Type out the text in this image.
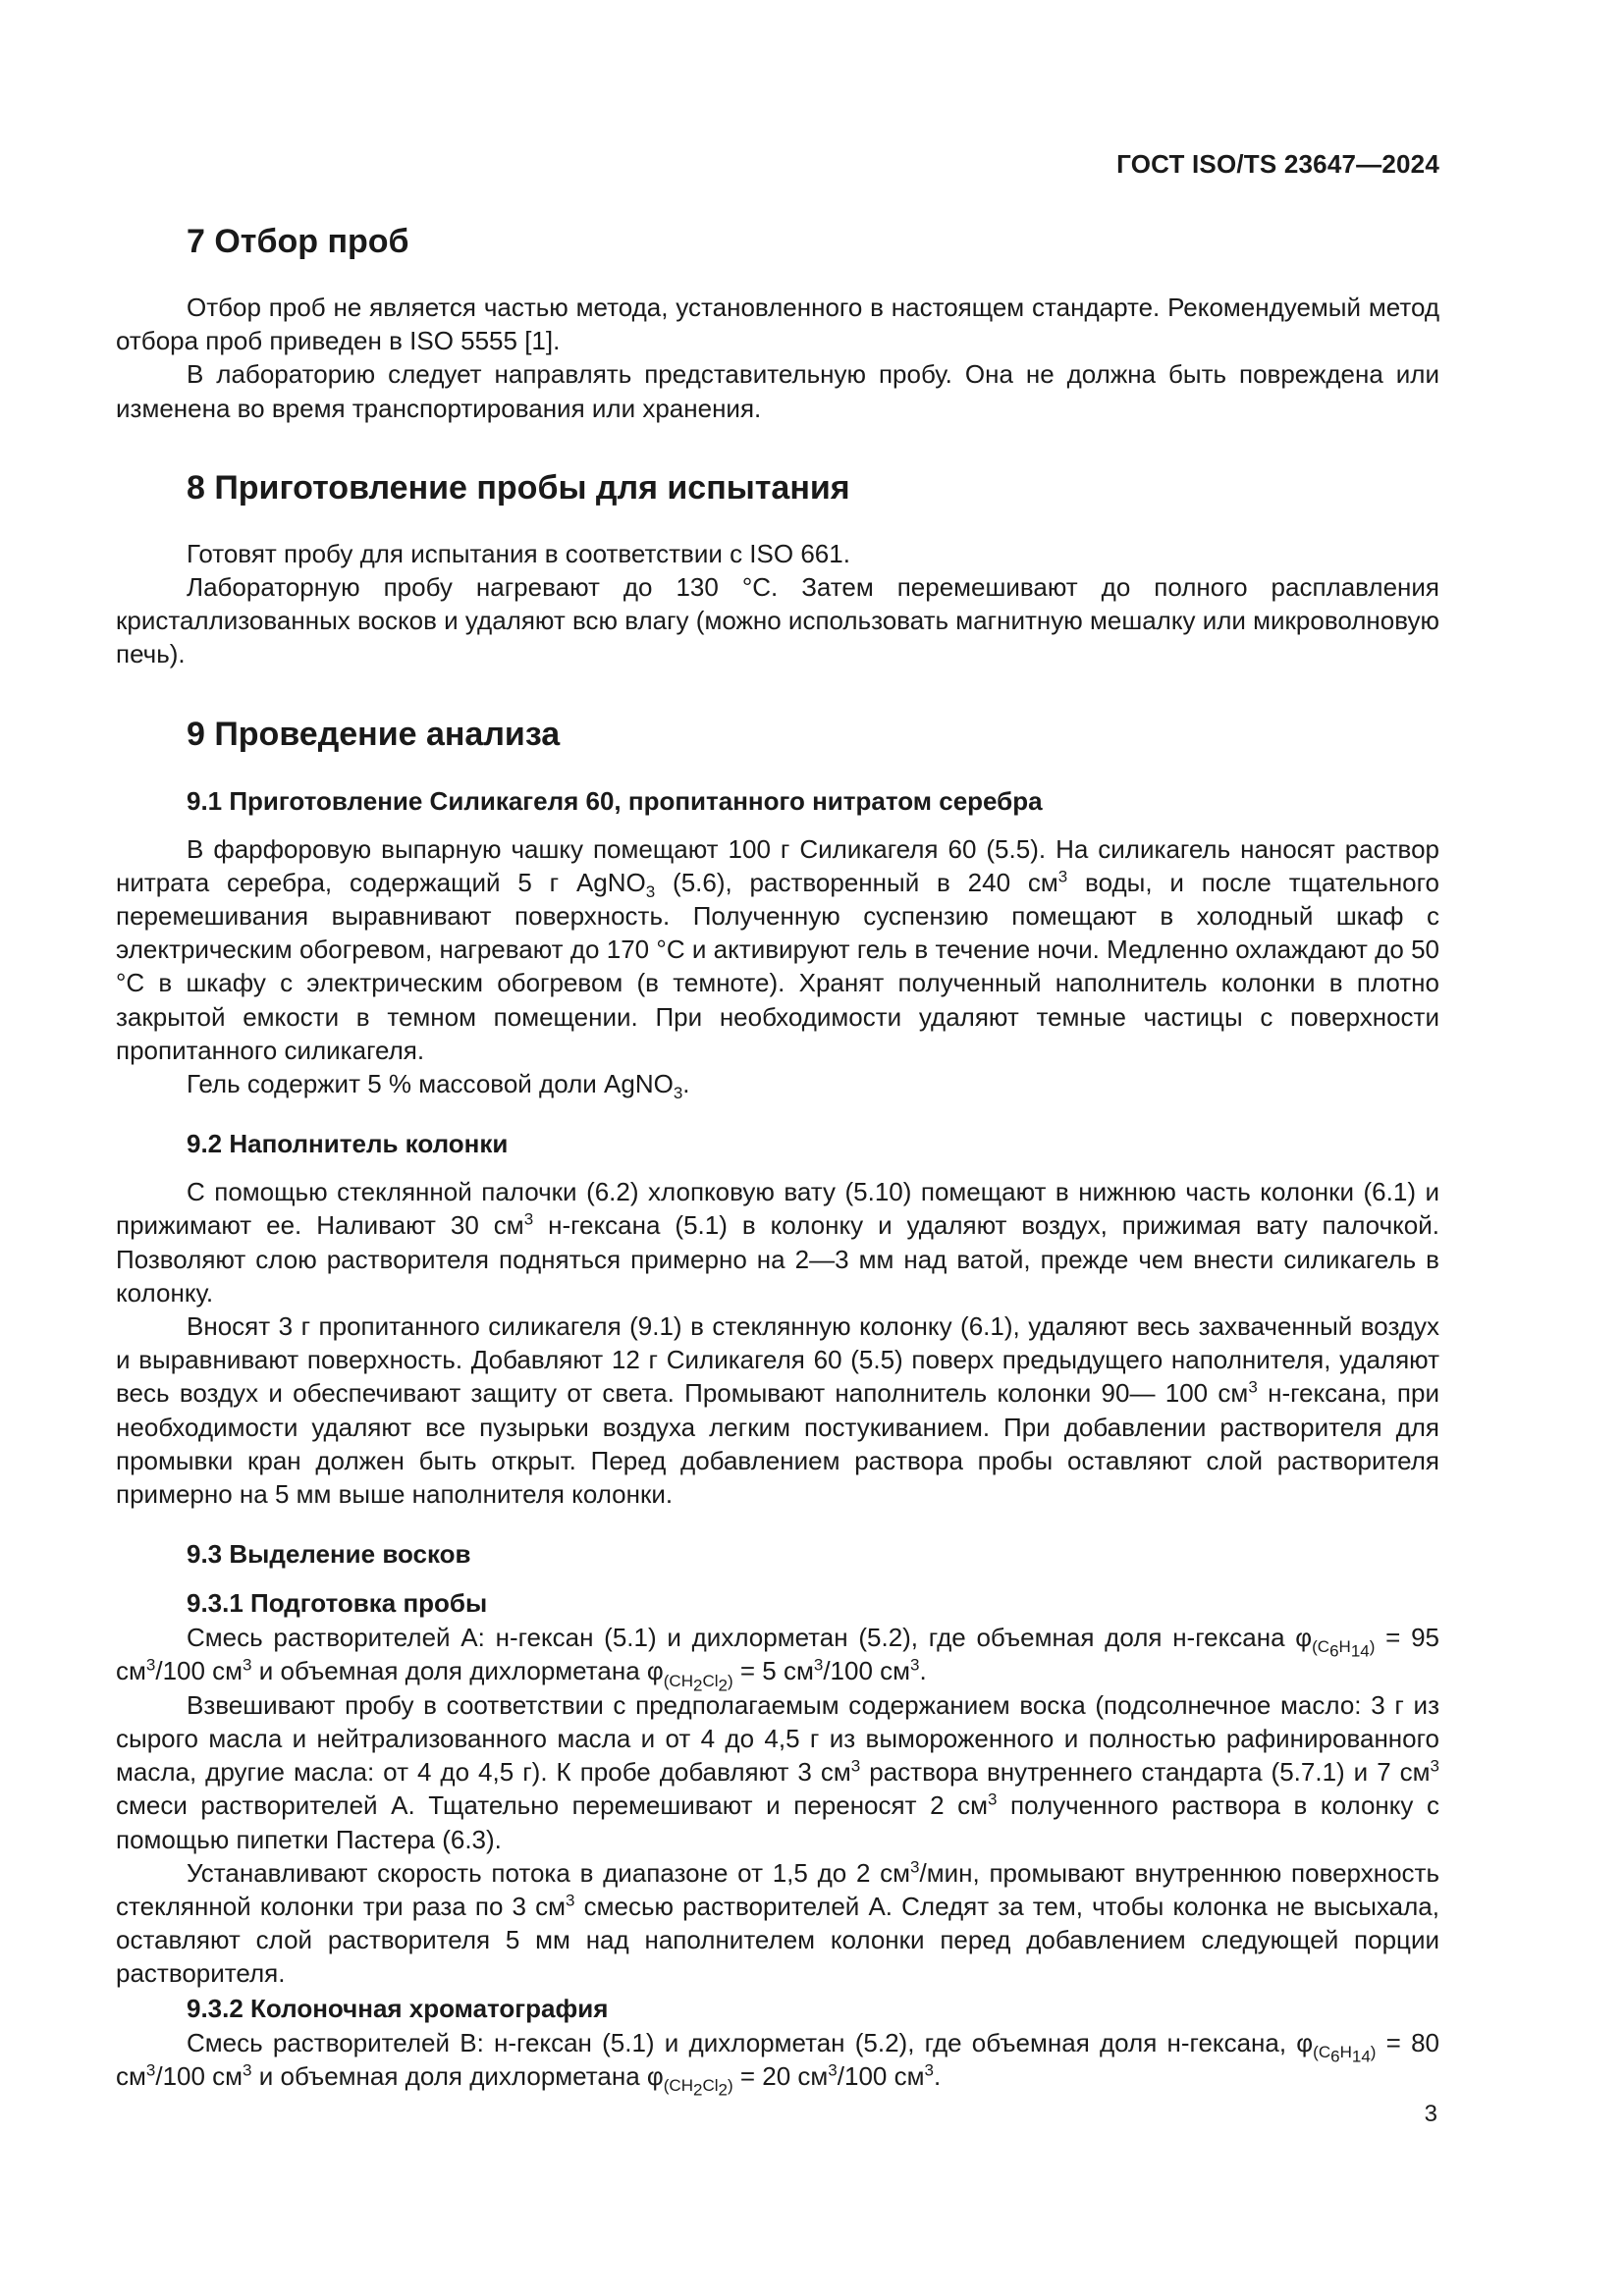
ГОСТ ISO/TS 23647—2024
7 Отбор проб

Отбор проб не является частью метода, установленного в настоящем стандарте. Рекомендуемый метод отбора проб приведен в ISO 5555 [1].

В лабораторию следует направлять представительную пробу. Она не должна быть повреждена или изменена во время транспортирования или хранения.

8 Приготовление пробы для испытания

Готовят пробу для испытания в соответствии с ISO 661.

Лабораторную пробу нагревают до 130 °С. Затем перемешивают до полного расплавления кристаллизованных восков и удаляют всю влагу (можно использовать магнитную мешалку или микроволновую печь).

9 Проведение анализа
9.1 Приготовление Силикагеля 60, пропитанного нитратом серебра

В фарфоровую выпарную чашку помещают 100 г Силикагеля 60 (5.5). На силикагель наносят раствор нитрата серебра, содержащий 5 г AgNO$_3$ (5.6), растворенный в 240 $см^3$ воды, и после тщательного перемешивания выравнивают поверхность. Полученную суспензию помещают в холодный шкаф с электрическим обогревом, нагревают до 170 °С и активируют гель в течение ночи. Медленно охлаждают до 50 °С в шкафу с электрическим обогревом (в темноте). Хранят полученный наполнитель колонки в плотно закрытой емкости в темном помещении. При необходимости удаляют темные частицы с поверхности пропитанного силикагеля.

Гель содержит 5 % массовой доли AgNO$_3$.

9.2 Наполнитель колонки

С помощью стеклянной палочки (6.2) хлопковую вату (5.10) помещают в нижнюю часть колонки (6.1) и прижимают ее. Наливают 30 $см^3$ н-гексана (5.1) в колонку и удаляют воздух, прижимая вату палочкой. Позволяют слою растворителя подняться примерно на 2—3 мм над ватой, прежде чем внести силикагель в колонку.

Вносят 3 г пропитанного силикагеля (9.1) в стеклянную колонку (6.1), удаляют весь захваченный воздух и выравнивают поверхность. Добавляют 12 г Силикагеля 60 (5.5) поверх предыдущего наполнителя, удаляют весь воздух и обеспечивают защиту от света. Промывают наполнитель колонки 90— 100 $см^3$ н-гексана, при необходимости удаляют все пузырьки воздуха легким постукиванием. При добавлении растворителя для промывки кран должен быть открыт. Перед добавлением раствора пробы оставляют слой растворителя примерно на 5 мм выше наполнителя колонки.

9.3 Выделение восков
9.3.1 Подготовка пробы

Смесь растворителей А: н-гексан (5.1) и дихлорметан (5.2), где объемная доля н-гексана $\varphi_{(C_6H_{14})} = 95$ $см^3/100$ $см^3$ и объемная доля дихлорметана $\varphi_{(CH_2Cl_2)} = 5$ $см^3/100$ $см^3$.

Взвешивают пробу в соответствии с предполагаемым содержанием воска (подсолнечное масло: 3 г из сырого масла и нейтрализованного масла и от 4 до 4,5 г из вымороженного и полностью рафинированного масла, другие масла: от 4 до 4,5 г). К пробе добавляют 3 $см^3$ раствора внутреннего стандарта (5.7.1) и 7 $см^3$ смеси растворителей А. Тщательно перемешивают и переносят 2 $см^3$ полученного раствора в колонку с помощью пипетки Пастера (6.3).

Устанавливают скорость потока в диапазоне от 1,5 до 2 $см^3$/мин, промывают внутреннюю поверхность стеклянной колонки три раза по 3 $см^3$ смесью растворителей А. Следят за тем, чтобы колонка не высыхала, оставляют слой растворителя 5 мм над наполнителем колонки перед добавлением следующей порции растворителя.

9.3.2 Колоночная хроматография

Смесь растворителей В: н-гексан (5.1) и дихлорметан (5.2), где объемная доля н-гексана, $\varphi_{(C_6H_{14})} = 80$ $см^3/100$ $см^3$ и объемная доля дихлорметана $\varphi_{(CH_2Cl_2)} = 20$ $см^3/100$ $см^3$.

3
